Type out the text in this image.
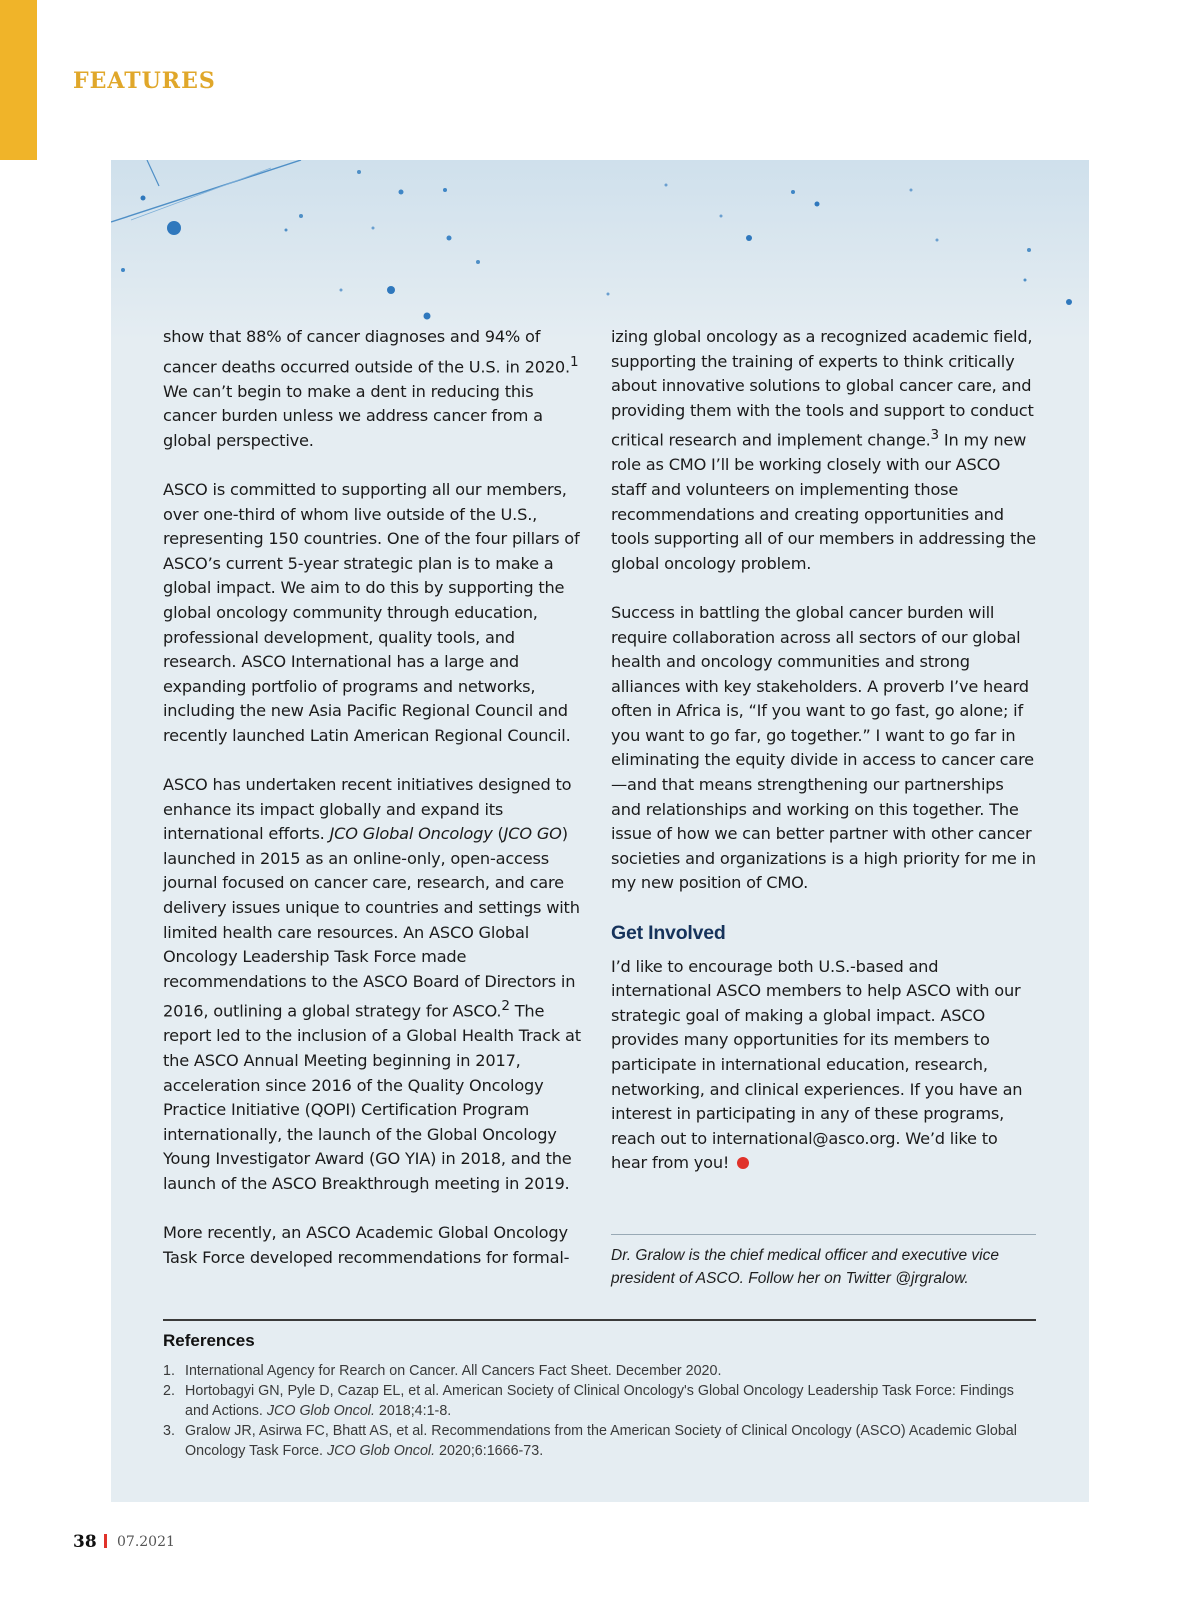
FEATURES

show that 88% of cancer diagnoses and 94% of cancer deaths occurred outside of the U.S. in 2020.$^1$ We can’t begin to make a dent in reducing this cancer burden unless we address cancer from a global perspective.

ASCO is committed to supporting all our members, over one-third of whom live outside of the U.S., representing 150 countries. One of the four pillars of ASCO’s current 5-year strategic plan is to make a global impact. We aim to do this by supporting the global oncology community through education, professional development, quality tools, and research. ASCO International has a large and expanding portfolio of programs and networks, including the new Asia Pacific Regional Council and recently launched Latin American Regional Council.

ASCO has undertaken recent initiatives designed to enhance its impact globally and expand its international efforts. JCO Global Oncology (JCO GO) launched in 2015 as an online-only, open-access journal focused on cancer care, research, and care delivery issues unique to countries and settings with limited health care resources. An ASCO Global Oncology Leadership Task Force made recommendations to the ASCO Board of Directors in 2016, outlining a global strategy for ASCO.$^2$ The report led to the inclusion of a Global Health Track at the ASCO Annual Meeting beginning in 2017, acceleration since 2016 of the Quality Oncology Practice Initiative (QOPI) Certification Program internationally, the launch of the Global Oncology Young Investigator Award (GO YIA) in 2018, and the launch of the ASCO Breakthrough meeting in 2019.

More recently, an ASCO Academic Global Oncology Task Force developed recommendations for formal-

izing global oncology as a recognized academic field, supporting the training of experts to think critically about innovative solutions to global cancer care, and providing them with the tools and support to conduct critical research and implement change.$^3$ In my new role as CMO I’ll be working closely with our ASCO staff and volunteers on implementing those recommendations and creating opportunities and tools supporting all of our members in addressing the global oncology problem.

Success in battling the global cancer burden will require collaboration across all sectors of our global health and oncology communities and strong alliances with key stakeholders. A proverb I’ve heard often in Africa is, “If you want to go fast, go alone; if you want to go far, go together.” I want to go far in eliminating the equity divide in access to cancer care—and that means strengthening our partnerships and relationships and working on this together. The issue of how we can better partner with other cancer societies and organizations is a high priority for me in my new position of CMO.

Get Involved

I’d like to encourage both U.S.-based and international ASCO members to help ASCO with our strategic goal of making a global impact. ASCO provides many opportunities for its members to participate in international education, research, networking, and clinical experiences. If you have an interest in participating in any of these programs, reach out to international@asco.org. We’d like to hear from you!

Dr. Gralow is the chief medical officer and executive vice president of ASCO. Follow her on Twitter @jrgralow.
References
1. International Agency for Rearch on Cancer. All Cancers Fact Sheet. December 2020.
2. Hortobagyi GN, Pyle D, Cazap EL, et al. American Society of Clinical Oncology's Global Oncology Leadership Task Force: Findings and Actions. JCO Glob Oncol. 2018;4:1-8.
3. Gralow JR, Asirwa FC, Bhatt AS, et al. Recommendations from the American Society of Clinical Oncology (ASCO) Academic Global Oncology Task Force. JCO Glob Oncol. 2020;6:1666-73.
38 07.2021
